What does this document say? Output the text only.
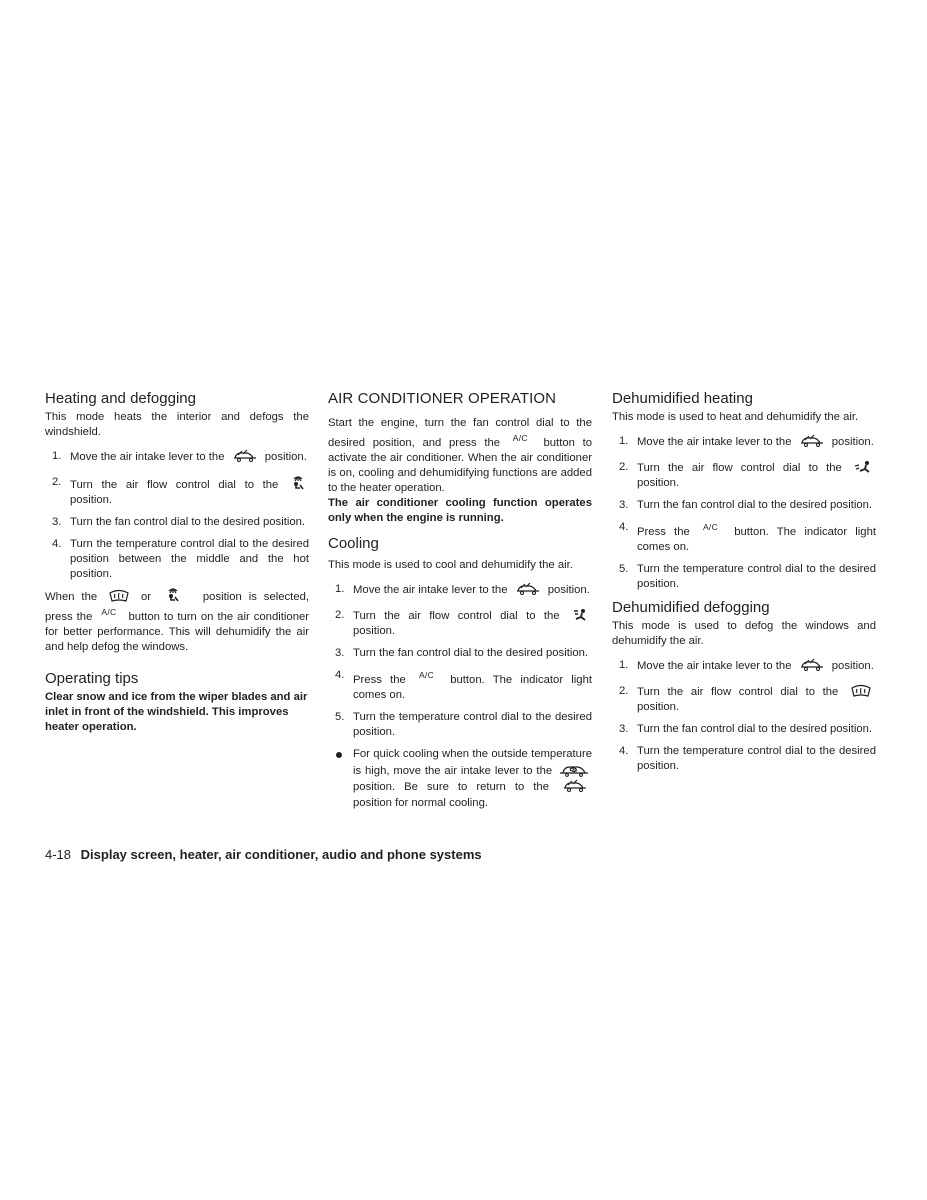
Heating and defogging

This mode heats the interior and defogs the windshield.

1. Move the air intake lever to the	position.
2. Turn the air flow control dial to the  position.
3. Turn the fan control dial to the desired position.
4. Turn the temperature control dial to the desired position between the middle and the hot position.

When the	or	position is selected, press the $^{A/C}$ button to turn on the air conditioner for better performance. This will dehumidify the air and help defog the windows.

Operating tips

Clear snow and ice from the wiper blades and air inlet in front of the windshield. This improves heater operation.

AIR CONDITIONER OPERATION

Start the engine, turn the fan control dial to the desired position, and press the $^{A/C}$ button to activate the air conditioner. When the air conditioner is on, cooling and dehumidifying functions are added to the heater operation.

The air conditioner cooling function operates only when the engine is running.

Cooling

This mode is used to cool and dehumidify the air.

1. Move the air intake lever to the	position.
2. Turn the air flow control dial to the  position.
3. Turn the fan control dial to the desired position.
4. Press the $^{A/C}$ button. The indicator light comes on.
5. Turn the temperature control dial to the desired position.
For quick cooling when the outside temperature is high, move the air intake lever to the  position. Be sure to return to the  position for normal cooling.
Dehumidified heating

This mode is used to heat and dehumidify the air.

1. Move the air intake lever to the	position.
2. Turn the air flow control dial to the  position.
3. Turn the fan control dial to the desired position.
4. Press the $^{A/C}$ button. The indicator light comes on.
5. Turn the temperature control dial to the desired position.
Dehumidified defogging

This mode is used to defog the windows and dehumidify the air.

1. Move the air intake lever to the	position.
2. Turn the air flow control dial to the  position.
3. Turn the fan control dial to the desired position.
4. Turn the temperature control dial to the desired position.
4-18 Display screen, heater, air conditioner, audio and phone systems
